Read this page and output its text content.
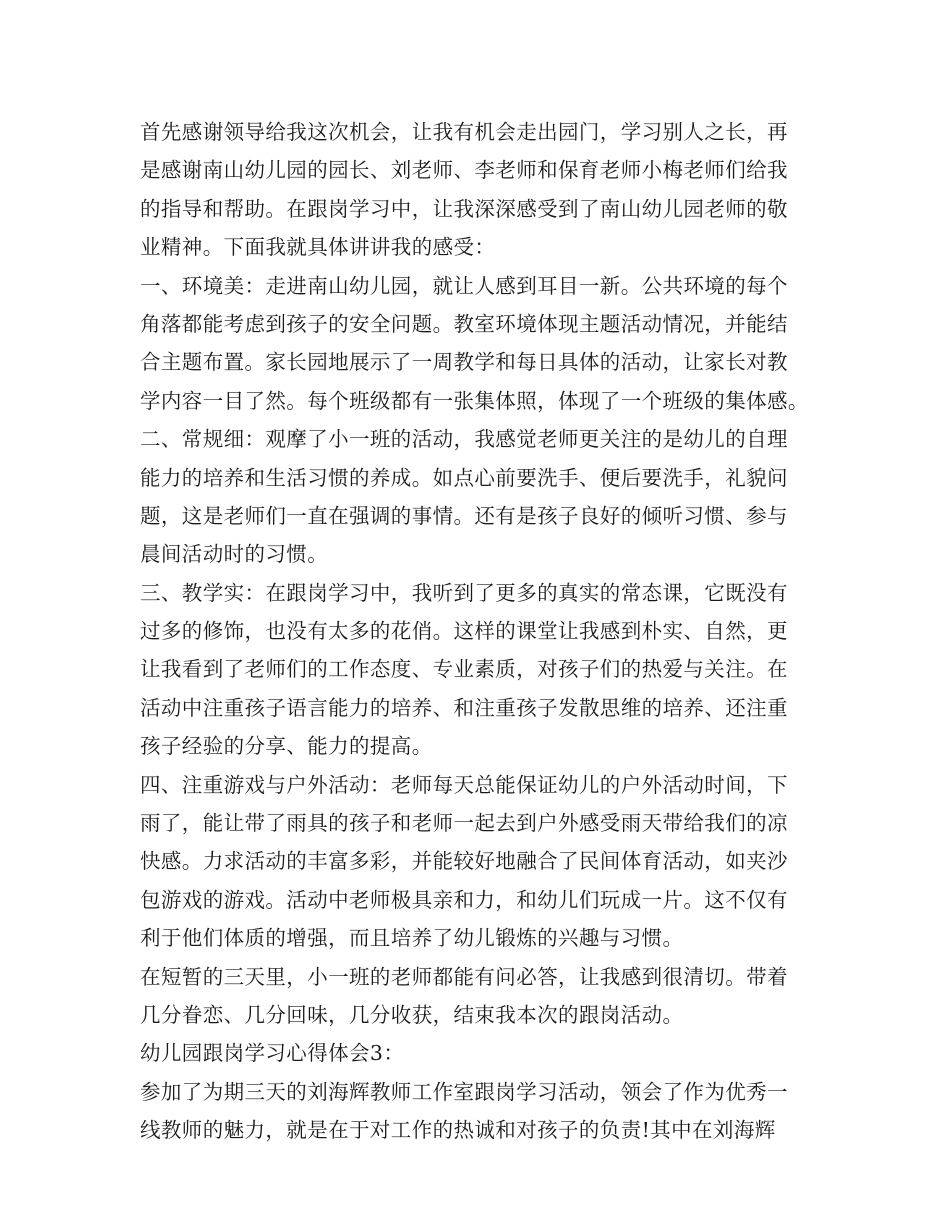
首先感谢领导给我这次机会，让我有机会走出园门，学习别人之长，再
是感谢南山幼儿园的园长、刘老师、李老师和保育老师小梅老师们给我
的指导和帮助。在跟岗学习中，让我深深感受到了南山幼儿园老师的敬
业精神。下面我就具体讲讲我的感受：
一、环境美：走进南山幼儿园，就让人感到耳目一新。公共环境的每个
角落都能考虑到孩子的安全问题。教室环境体现主题活动情况，并能结
合主题布置。家长园地展示了一周教学和每日具体的活动，让家长对教
学内容一目了然。每个班级都有一张集体照，体现了一个班级的集体感。
二、常规细：观摩了小一班的活动，我感觉老师更关注的是幼儿的自理
能力的培养和生活习惯的养成。如点心前要洗手、便后要洗手，礼貌问
题，这是老师们一直在强调的事情。还有是孩子良好的倾听习惯、参与
晨间活动时的习惯。
三、教学实：在跟岗学习中，我听到了更多的真实的常态课，它既没有
过多的修饰，也没有太多的花俏。这样的课堂让我感到朴实、自然，更
让我看到了老师们的工作态度、专业素质，对孩子们的热爱与关注。在
活动中注重孩子语言能力的培养、和注重孩子发散思维的培养、还注重
孩子经验的分享、能力的提高。
四、注重游戏与户外活动：老师每天总能保证幼儿的户外活动时间，下
雨了，能让带了雨具的孩子和老师一起去到户外感受雨天带给我们的凉
快感。力求活动的丰富多彩，并能较好地融合了民间体育活动，如夹沙
包游戏的游戏。活动中老师极具亲和力，和幼儿们玩成一片。这不仅有
利于他们体质的增强，而且培养了幼儿锻炼的兴趣与习惯。
在短暂的三天里，小一班的老师都能有问必答，让我感到很清切。带着
几分眷恋、几分回味，几分收获，结束我本次的跟岗活动。
幼儿园跟岗学习心得体会3：
参加了为期三天的刘海辉教师工作室跟岗学习活动，领会了作为优秀一
线教师的魅力，就是在于对工作的热诚和对孩子的负责!其中在刘海辉
